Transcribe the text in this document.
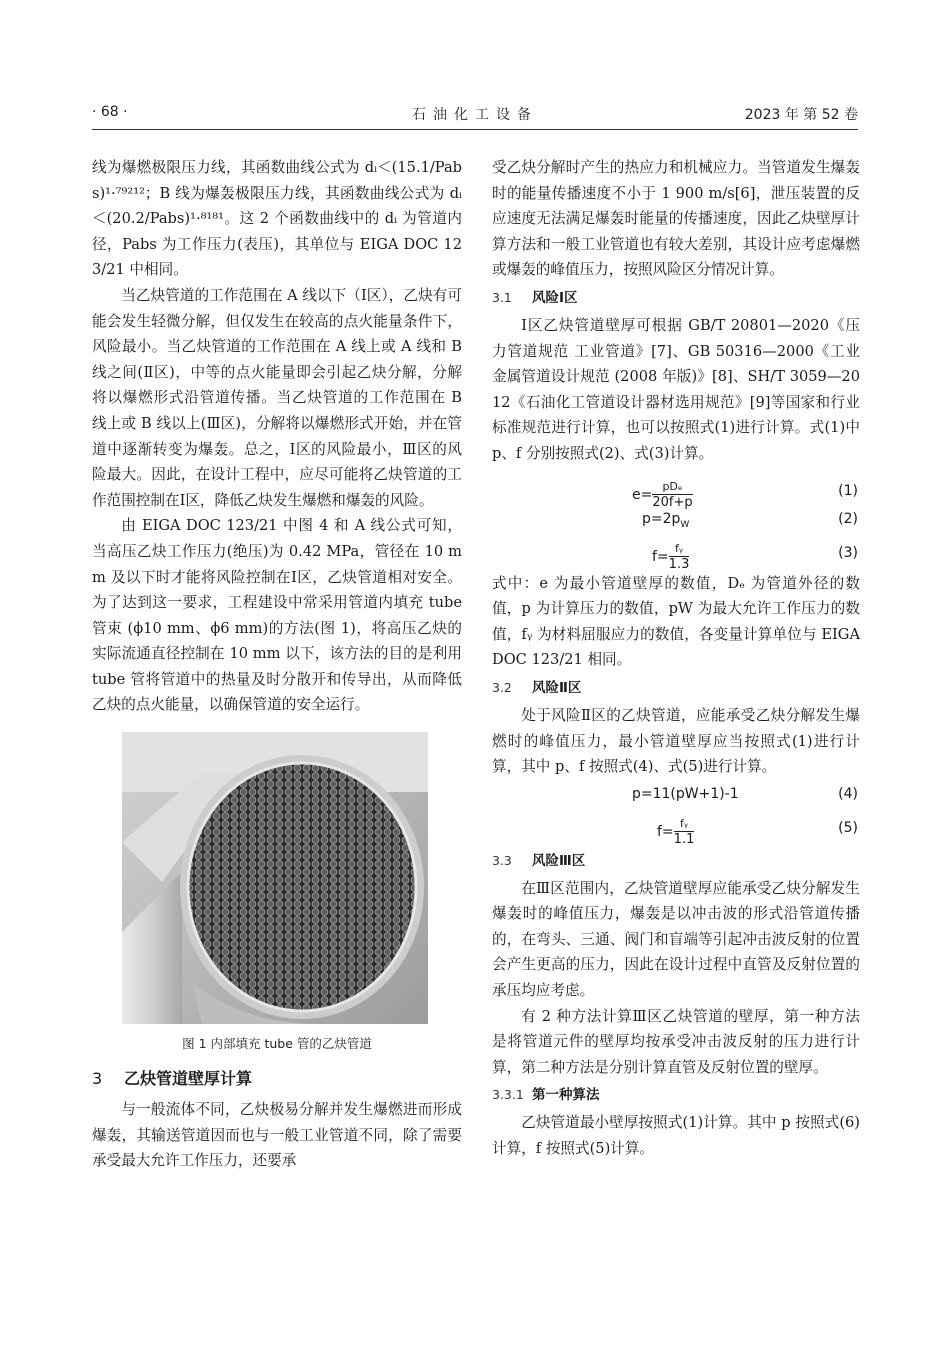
· 68 ·	石油化工设备	2023 年 第 52 卷

线为爆燃极限压力线，其函数曲线公式为 dᵢ＜(15.1/Pabs)¹·⁷⁹²¹²；B 线为爆轰极限压力线，其函数曲线公式为 dᵢ＜(20.2/Pabs)¹·⁸¹⁸¹。这 2 个函数曲线中的 dᵢ 为管道内径，Pabs 为工作压力(表压)，其单位与 EIGA DOC 123/21 中相同。

当乙炔管道的工作范围在 A 线以下（Ⅰ区），乙炔有可能会发生轻微分解，但仅发生在较高的点火能量条件下，风险最小。当乙炔管道的工作范围在 A 线上或 A 线和 B 线之间(Ⅱ区)，中等的点火能量即会引起乙炔分解，分解将以爆燃形式沿管道传播。当乙炔管道的工作范围在 B 线上或 B 线以上(Ⅲ区)，分解将以爆燃形式开始，并在管道中逐渐转变为爆轰。总之，Ⅰ区的风险最小，Ⅲ区的风险最大。因此，在设计工程中，应尽可能将乙炔管道的工作范围控制在Ⅰ区，降低乙炔发生爆燃和爆轰的风险。

由 EIGA DOC 123/21 中图 4 和 A 线公式可知，当高压乙炔工作压力(绝压)为 0.42 MPa，管径在 10 mm 及以下时才能将风险控制在Ⅰ区，乙炔管道相对安全。为了达到这一要求，工程建设中常采用管道内填充 tube 管束 (ϕ10 mm、ϕ6 mm)的方法(图 1)，将高压乙炔的实际流通直径控制在 10 mm 以下，该方法的目的是利用 tube 管将管道中的热量及时分散开和传导出，从而降低乙炔的点火能量，以确保管道的安全运行。

图 1 内部填充 tube 管的乙炔管道
3 乙炔管道壁厚计算

与一般流体不同，乙炔极易分解并发生爆燃进而形成爆轰，其输送管道因而也与一般工业管道不同，除了需要承受最大允许工作压力，还要承

受乙炔分解时产生的热应力和机械应力。当管道发生爆轰时的能量传播速度不小于 1 900 m/s[6]，泄压装置的反应速度无法满足爆轰时能量的传播速度，因此乙炔壁厚计算方法和一般工业管道也有较大差别，其设计应考虑爆燃或爆轰的峰值压力，按照风险区分情况计算。

3.1 风险Ⅰ区

Ⅰ区乙炔管道壁厚可根据 GB/T 20801—2020《压力管道规范 工业管道》[7]、GB 50316—2000《工业金属管道设计规范 (2008 年版)》[8]、SH/T 3059—2012《石油化工管道设计器材选用规范》[9]等国家和行业标准规范进行计算，也可以按照式(1)进行计算。式(1)中 p、f 分别按照式(2)、式(3)计算。

$e= \frac{\text{pDₑ}}{20f+p}$	(1)
$p=2p_W$	(2)
$f= \frac{\text{fᵧ}}{1.3}$	(3)

式中：e 为最小管道壁厚的数值，Dₑ 为管道外径的数值，p 为计算压力的数值，pW 为最大允许工作压力的数值，fᵧ 为材料屈服应力的数值，各变量计算单位与 EIGA DOC 123/21 相同。

3.2 风险Ⅱ区

处于风险Ⅱ区的乙炔管道，应能承受乙炔分解发生爆燃时的峰值压力，最小管道壁厚应当按照式(1)进行计算，其中 p、f 按照式(4)、式(5)进行计算。

p=11(pW+1)-1	(4)
$f= \frac{\text{fᵧ}}{1.1}$	(5)
3.3 风险Ⅲ区

在Ⅲ区范围内，乙炔管道壁厚应能承受乙炔分解发生爆轰时的峰值压力，爆轰是以冲击波的形式沿管道传播的，在弯头、三通、阀门和盲端等引起冲击波反射的位置会产生更高的压力，因此在设计过程中直管及反射位置的承压均应考虑。

有 2 种方法计算Ⅲ区乙炔管道的壁厚，第一种方法是将管道元件的壁厚均按承受冲击波反射的压力进行计算，第二种方法是分别计算直管及反射位置的壁厚。

3.3.1 第一种算法

乙炔管道最小壁厚按照式(1)计算。其中 p 按照式(6)计算，f 按照式(5)计算。
